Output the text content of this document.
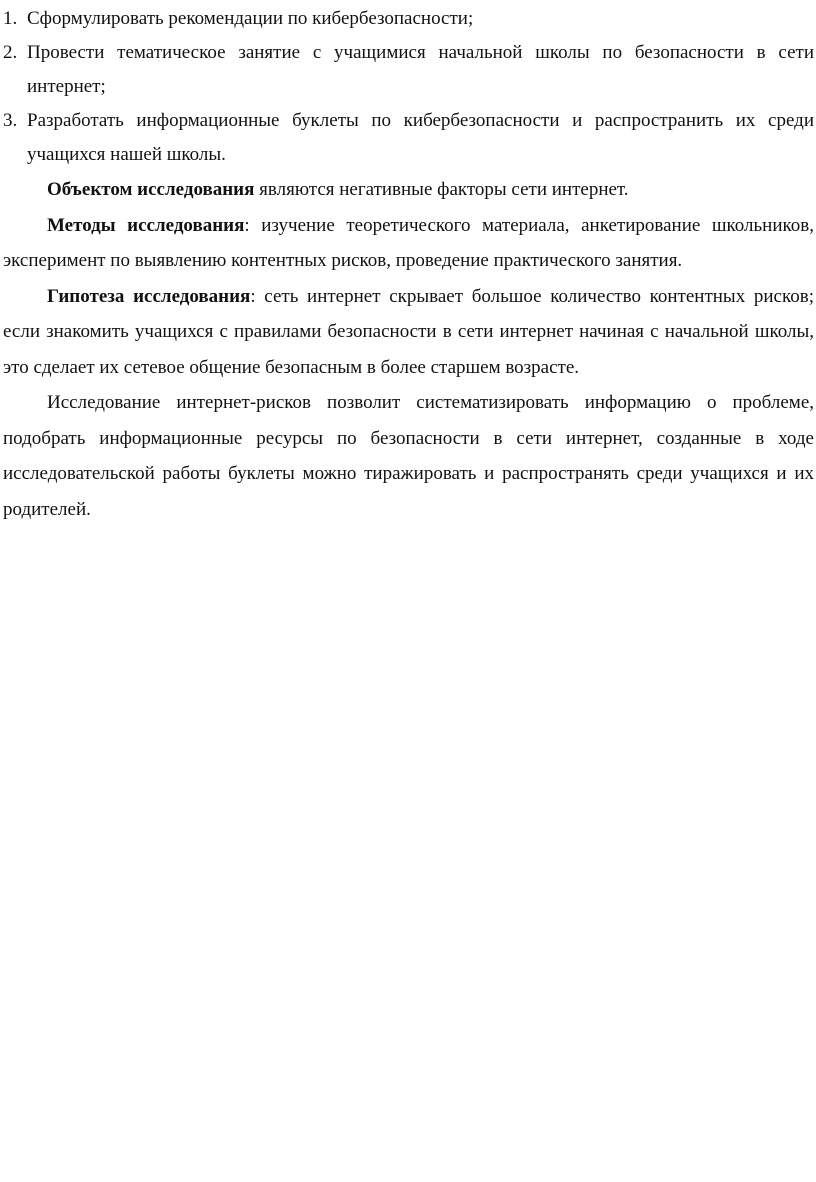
1. Сформулировать рекомендации по кибербезопасности;
2. Провести тематическое занятие с учащимися начальной школы по безопасности в сети интернет;
3. Разработать информационные буклеты по кибербезопасности и распространить их среди учащихся нашей школы.

Объектом исследования являются негативные факторы сети интернет.

Методы исследования: изучение теоретического материала, анкетирование школьников, эксперимент по выявлению контентных рисков, проведение практического занятия.

Гипотеза исследования: сеть интернет скрывает большое количество контентных рисков; если знакомить учащихся с правилами безопасности в сети интернет начиная с начальной школы, это сделает их сетевое общение безопасным в более старшем возрасте.

Исследование интернет-рисков позволит систематизировать информацию о проблеме, подобрать информационные ресурсы по безопасности в сети интернет, созданные в ходе исследовательской работы буклеты можно тиражировать и распространять среди учащихся и их родителей.
